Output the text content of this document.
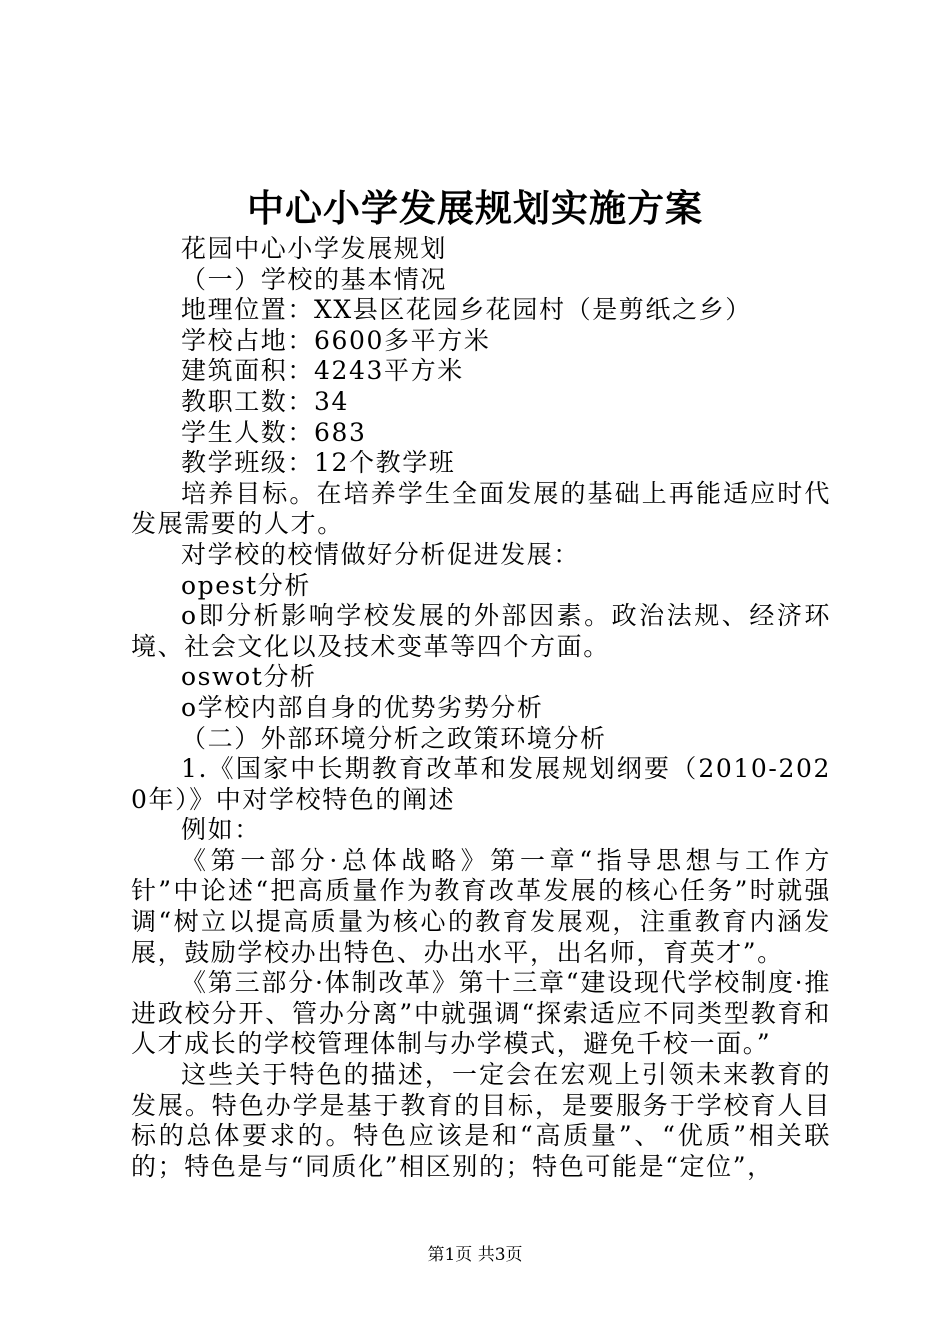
中心小学发展规划实施方案

花园中心小学发展规划

（一）学校的基本情况

地理位置：XX县区花园乡花园村（是剪纸之乡）

学校占地：6600多平方米

建筑面积：4243平方米

教职工数：34

学生人数：683

教学班级：12个教学班

培养目标。在培养学生全面发展的基础上再能适应时代发展需要的人才。

对学校的校情做好分析促进发展：

opest分析

o即分析影响学校发展的外部因素。政治法规、经济环境、社会文化以及技术变革等四个方面。

oswot分析

o学校内部自身的优势劣势分析

（二）外部环境分析之政策环境分析

1.《国家中长期教育改革和发展规划纲要（2010-2020年）》中对学校特色的阐述

例如：

《第一部分·总体战略》第一章“指导思想与工作方针”中论述“把高质量作为教育改革发展的核心任务”时就强调“树立以提高质量为核心的教育发展观，注重教育内涵发展，鼓励学校办出特色、办出水平，出名师，育英才”。

《第三部分·体制改革》第十三章“建设现代学校制度·推进政校分开、管办分离”中就强调“探索适应不同类型教育和人才成长的学校管理体制与办学模式，避免千校一面。”

这些关于特色的描述，一定会在宏观上引领未来教育的发展。特色办学是基于教育的目标，是要服务于学校育人目标的总体要求的。特色应该是和“高质量”、“优质”相关联的；特色是与“同质化”相区别的；特色可能是“定位”，

第1页 共3页
